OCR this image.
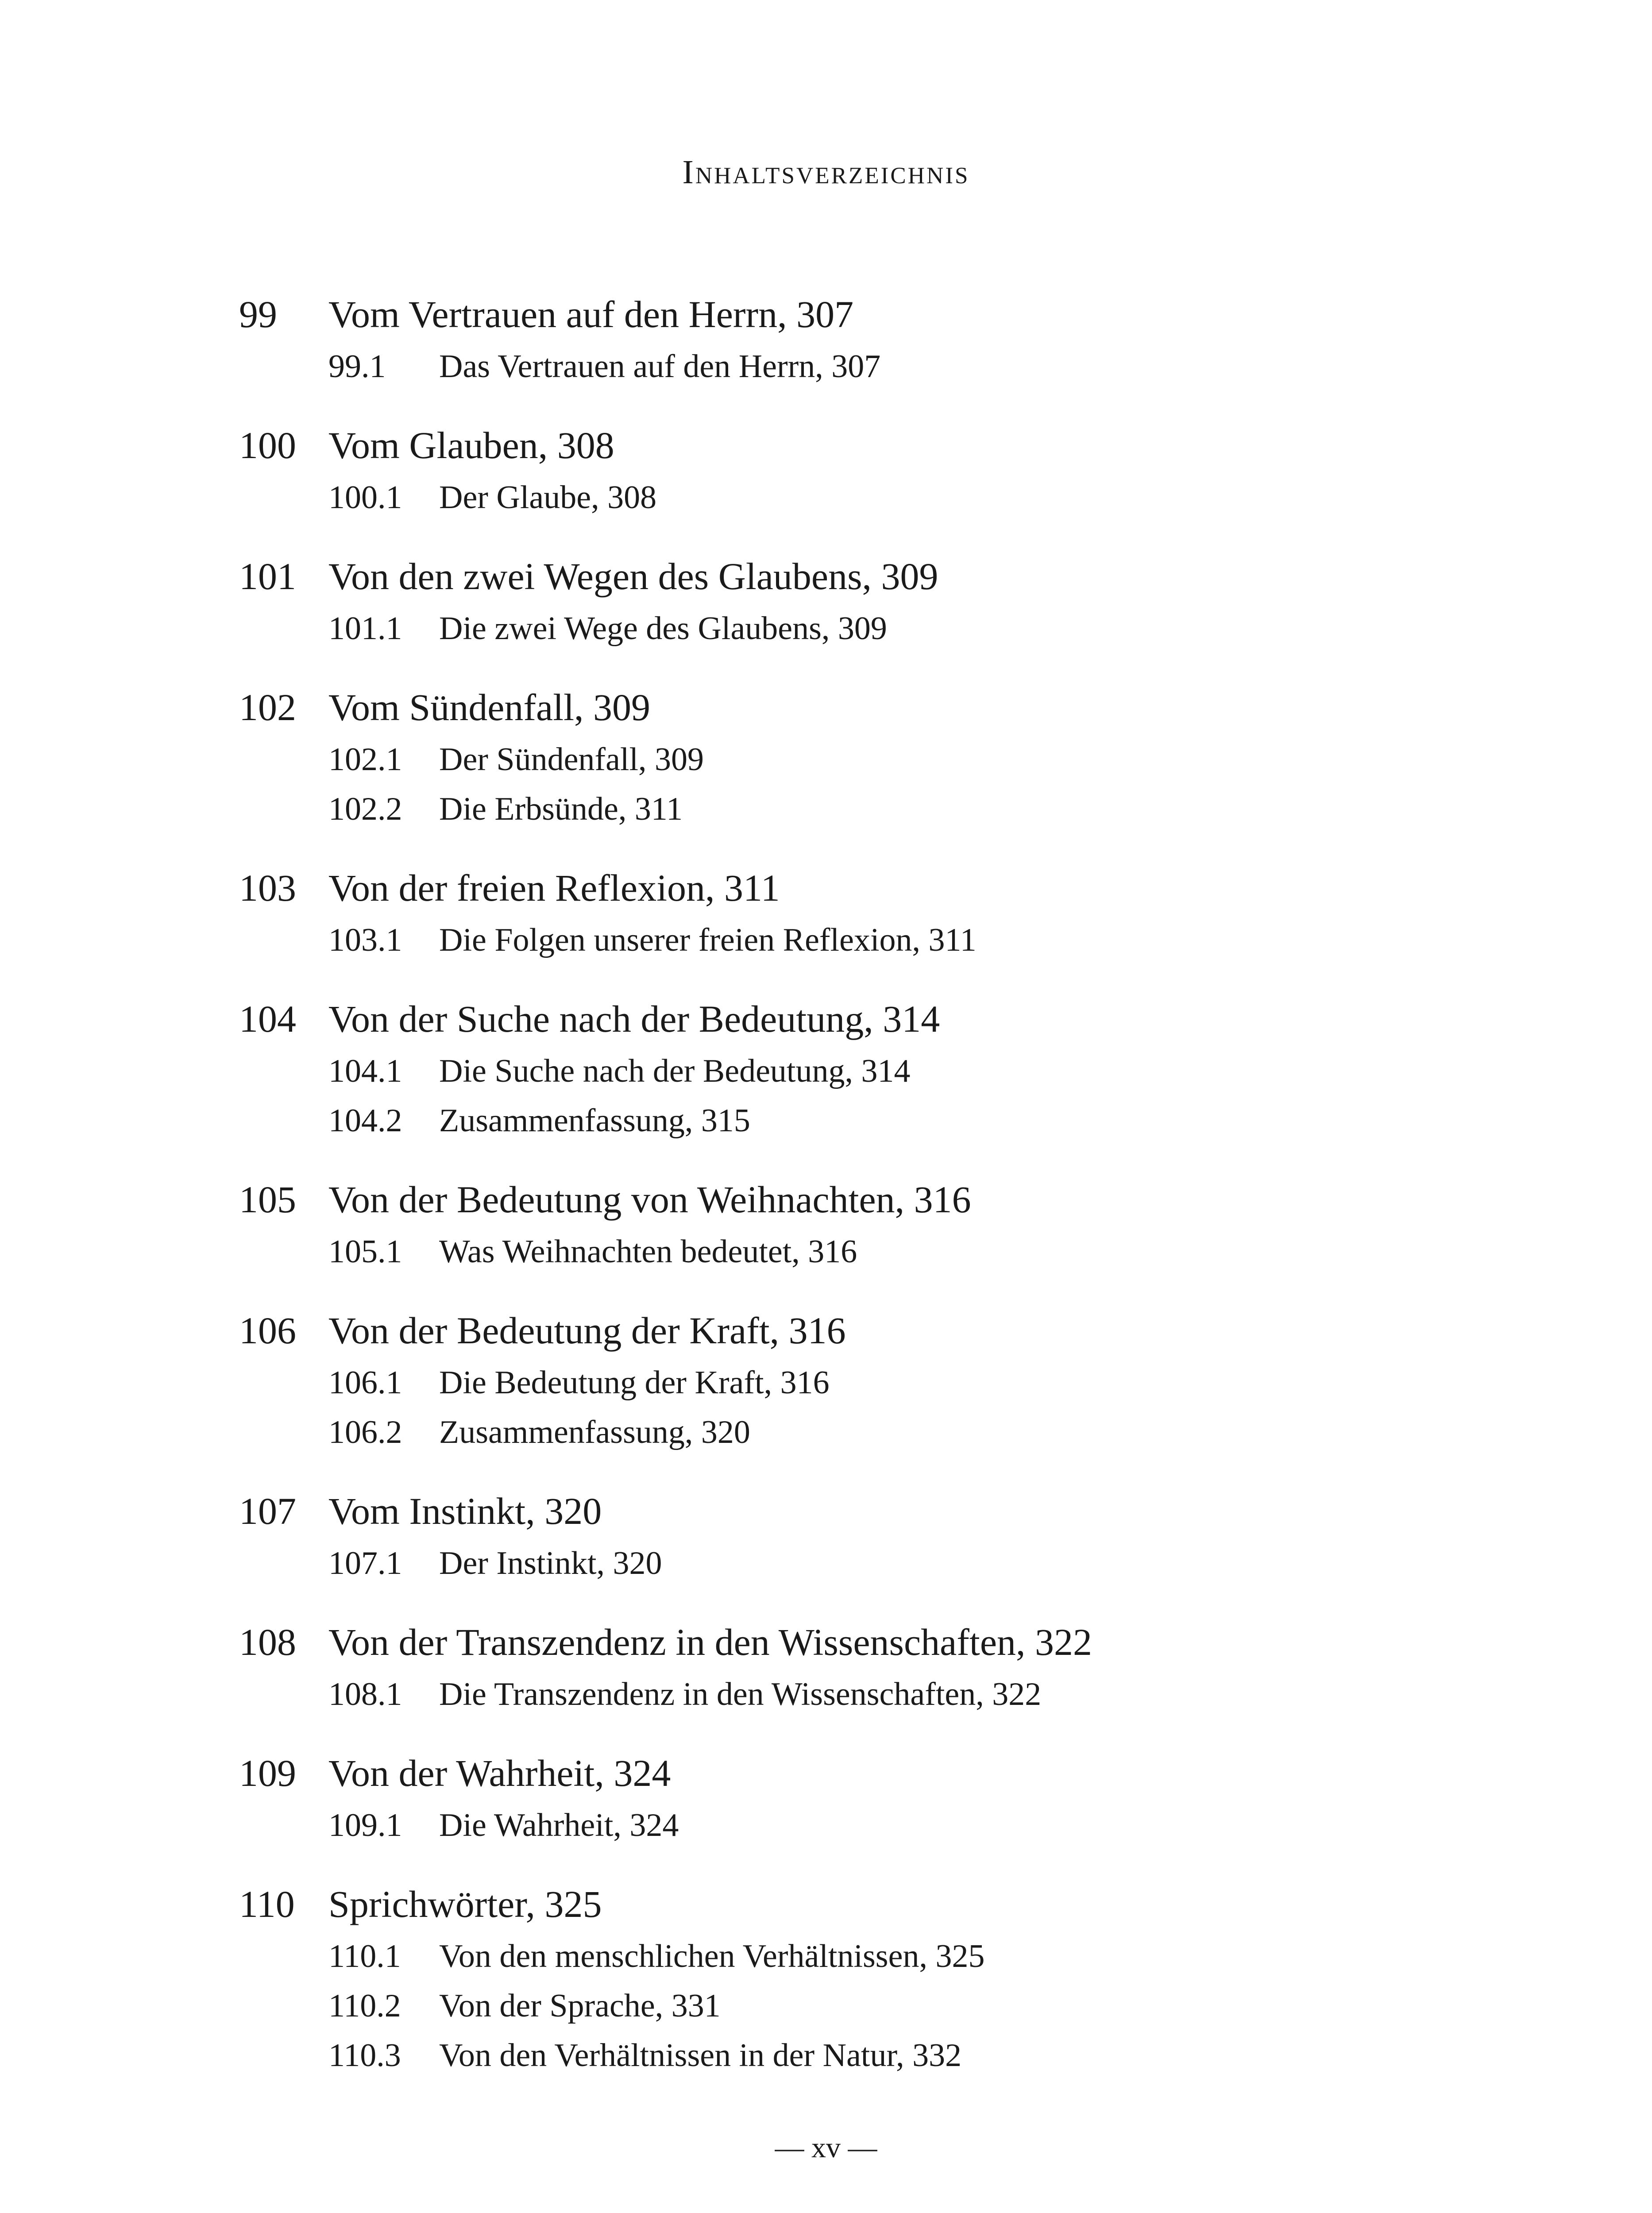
Inhaltsverzeichnis
99	Vom Vertrauen auf den Herrn, 307
99.1	Das Vertrauen auf den Herrn, 307
100 Vom Glauben, 308
100.1	Der Glaube, 308
101 Von den zwei Wegen des Glaubens, 309
101.1	Die zwei Wege des Glaubens, 309
102 Vom Sündenfall, 309
102.1	Der Sündenfall, 309
102.2	Die Erbsünde, 311
103 Von der freien Reflexion, 311
103.1	Die Folgen unserer freien Reflexion, 311
104 Von der Suche nach der Bedeutung, 314
104.1	Die Suche nach der Bedeutung, 314
104.2	Zusammenfassung, 315
105 Von der Bedeutung von Weihnachten, 316
105.1	Was Weihnachten bedeutet, 316
106 Von der Bedeutung der Kraft, 316
106.1	Die Bedeutung der Kraft, 316
106.2	Zusammenfassung, 320
107 Vom Instinkt, 320
107.1	Der Instinkt, 320
108 Von der Transzendenz in den Wissenschaften, 322
108.1	Die Transzendenz in den Wissenschaften, 322
109 Von der Wahrheit, 324
109.1	Die Wahrheit, 324
110 Sprichwörter, 325
110.1	Von den menschlichen Verhältnissen, 325
110.2	Von der Sprache, 331
110.3	Von den Verhältnissen in der Natur, 332
— xv —
